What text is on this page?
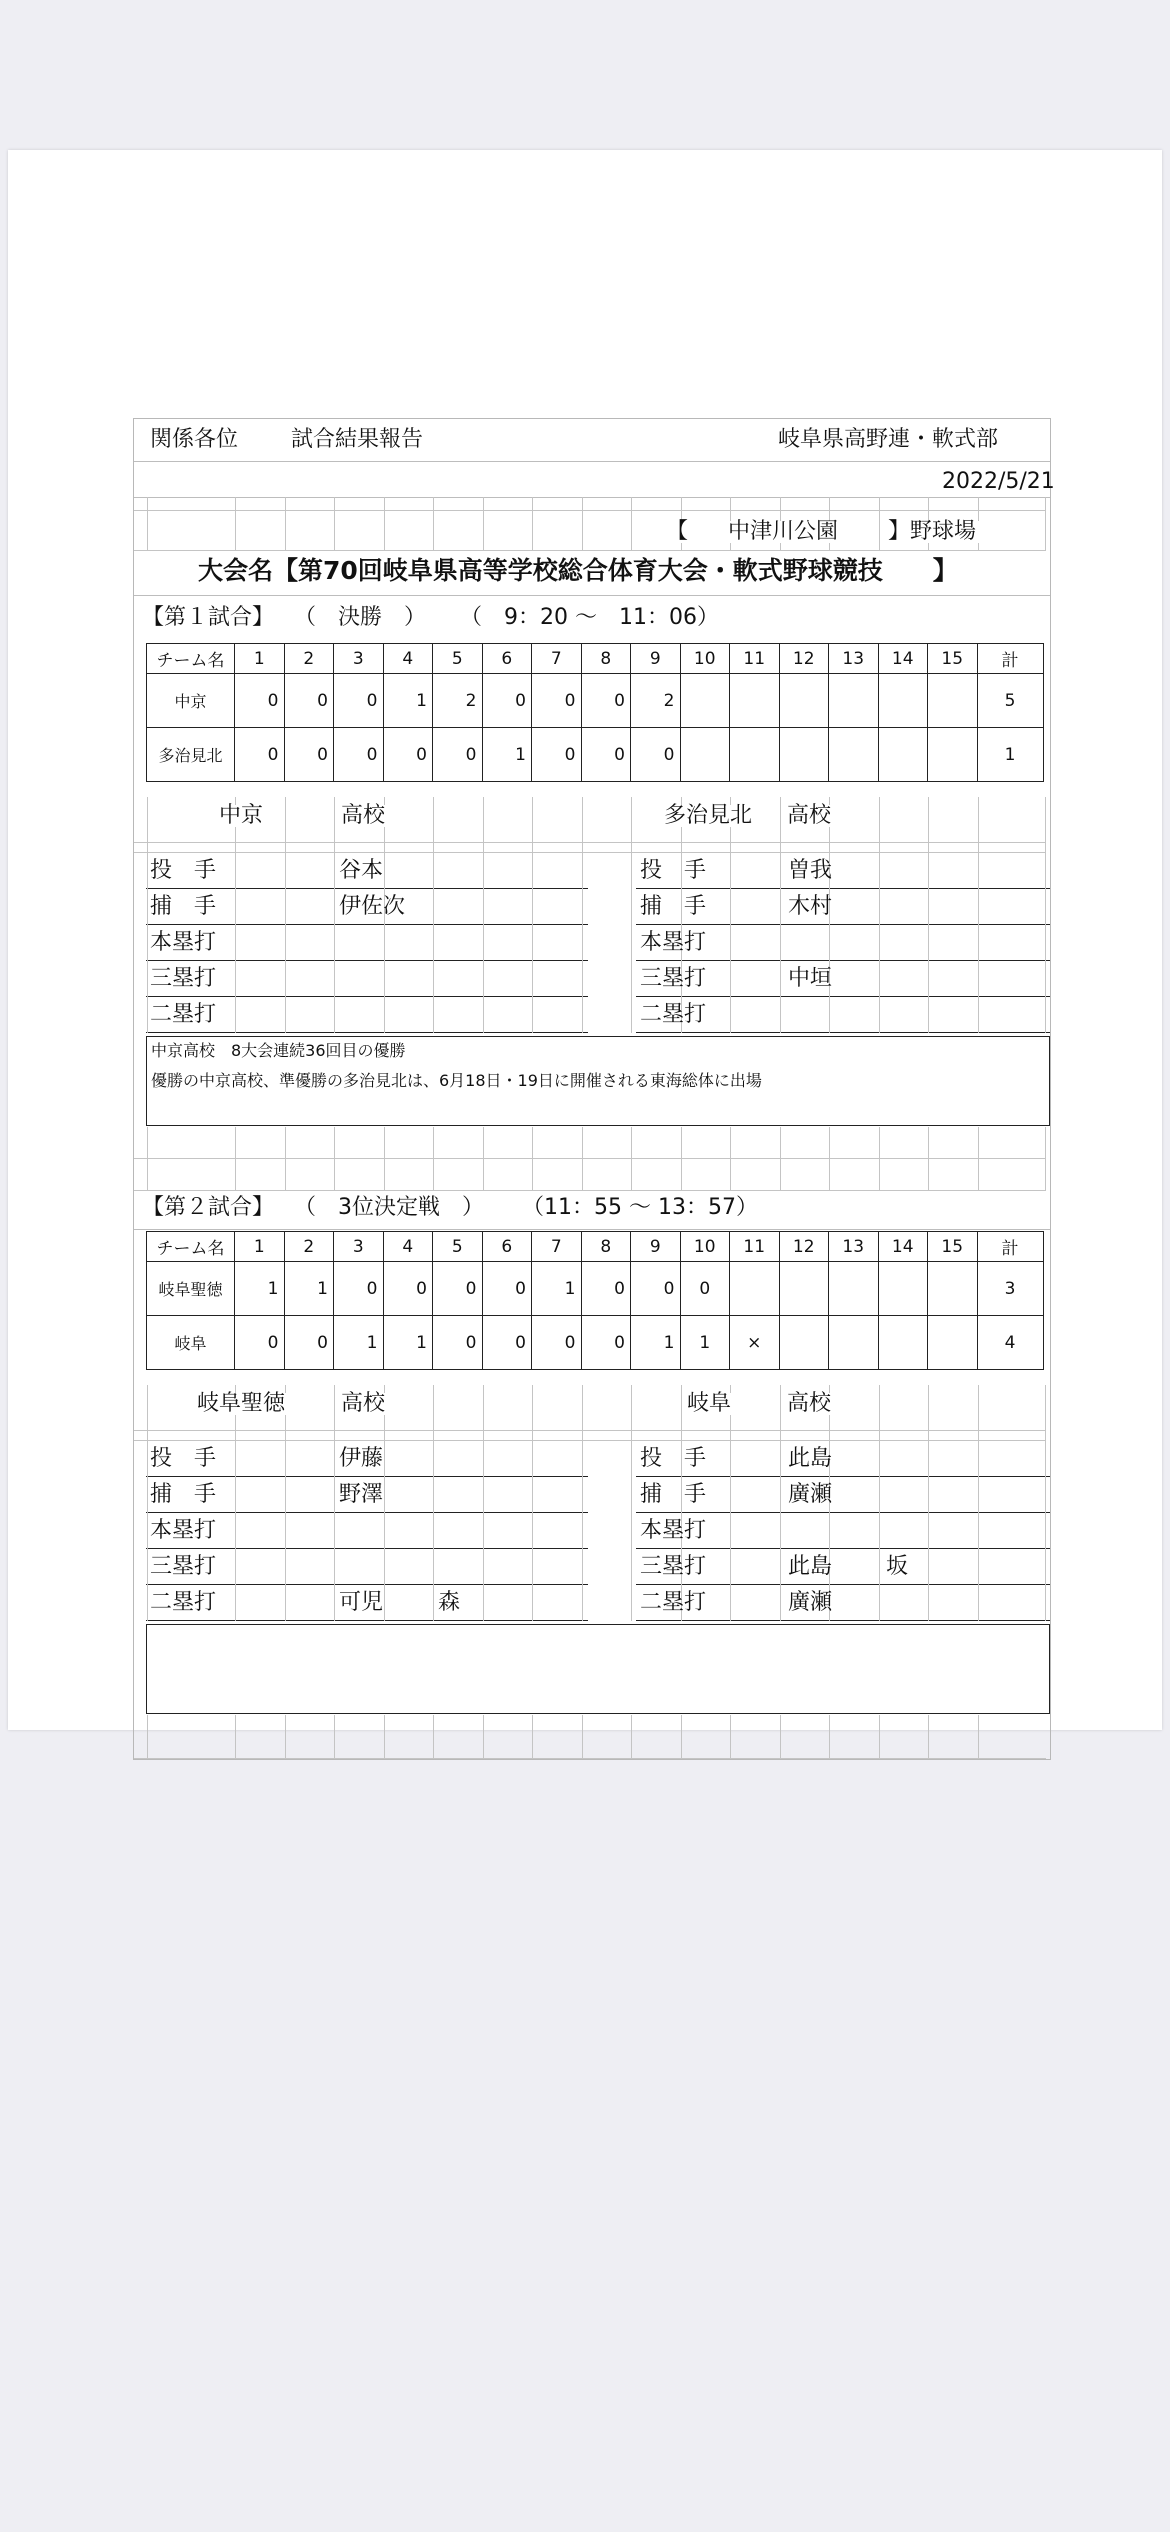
関係各位 試合結果報告	岐阜県高野連・軟式部
2022/5/21
【 中津川公園 】野球場
大会名【第70回岐阜県高等学校総合体育大会・軟式野球競技　　】
【第１試合】 （　決勝　） （　9：20 〜　11：06）
チーム名	1	2	3	4	5	6	7	8	9	10	11	12	13	14	15	計
中京	0	0	0	1	2	0	0	0	2							5
多治見北	0	0	0	0	0	1	0	0	0							1
中京	高校	多治見北 高校
投　手	谷本	投　手	曽我
捕　手	伊佐次	捕　手	木村
本塁打	本塁打
三塁打	三塁打	中垣
二塁打	二塁打
中京高校　8大会連続36回目の優勝
優勝の中京高校、準優勝の多治見北は、6月18日・19日に開催される東海総体に出場
【第２試合】 （　3位決定戦　） （11：55 〜 13：57）
チーム名	1	2	3	4	5	6	7	8	9	10	11	12	13	14	15	計
岐阜聖徳	1	1	0	0	0	0	1	0	0	0						3
岐阜	0	0	1	1	0	0	0	0	1	1	×					4
岐阜聖徳	高校	岐阜	高校
投　手	伊藤	投　手	此島
捕　手	野澤	捕　手	廣瀬
本塁打	本塁打
三塁打	三塁打	此島 坂
二塁打	可児 森	二塁打	廣瀬
